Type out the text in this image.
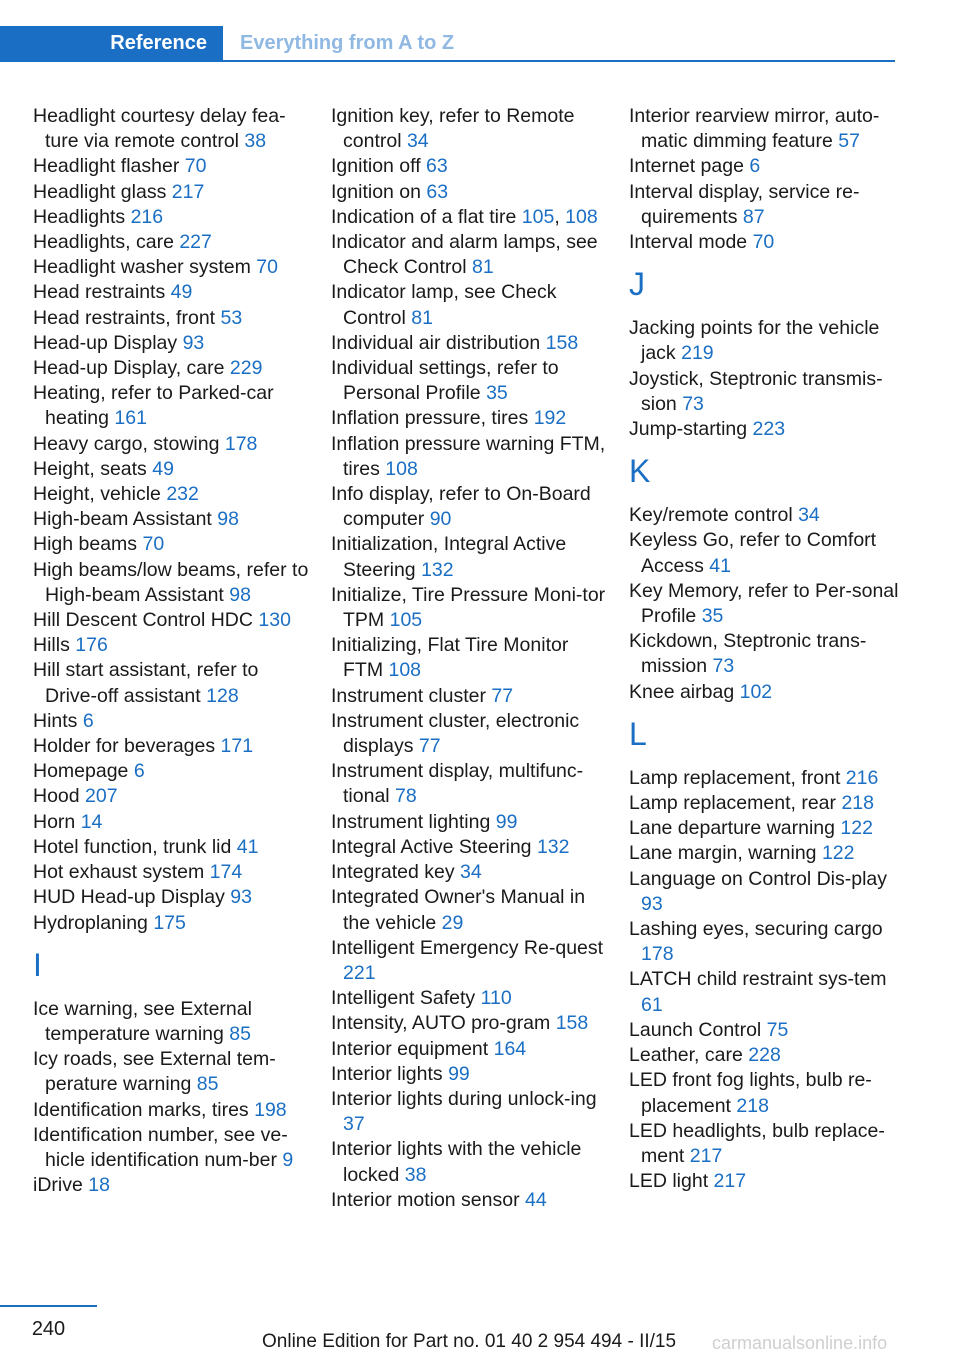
Reference	Everything from A to Z
Headlight courtesy delay fea-ture via remote control 38
Headlight flasher 70
Headlight glass 217
Headlights 216
Headlights, care 227
Headlight washer system 70
Head restraints 49
Head restraints, front 53
Head-up Display 93
Head-up Display, care 229
Heating, refer to Parked-car heating 161
Heavy cargo, stowing 178
Height, seats 49
Height, vehicle 232
High-beam Assistant 98
High beams 70
High beams/low beams, refer to High-beam Assistant 98
Hill Descent Control HDC 130
Hills 176
Hill start assistant, refer to Drive-off assistant 128
Hints 6
Holder for beverages 171
Homepage 6
Hood 207
Horn 14
Hotel function, trunk lid 41
Hot exhaust system 174
HUD Head-up Display 93
Hydroplaning 175
I
Ice warning, see External temperature warning 85
Icy roads, see External tem-perature warning 85
Identification marks, tires 198
Identification number, see ve-hicle identification num-ber 9
iDrive 18
Ignition key, refer to Remote control 34
Ignition off 63
Ignition on 63
Indication of a flat tire 105, 108
Indicator and alarm lamps, see Check Control 81
Indicator lamp, see Check Control 81
Individual air distribution 158
Individual settings, refer to Personal Profile 35
Inflation pressure, tires 192
Inflation pressure warning FTM, tires 108
Info display, refer to On-Board computer 90
Initialization, Integral Active Steering 132
Initialize, Tire Pressure Moni-tor TPM 105
Initializing, Flat Tire Monitor FTM 108
Instrument cluster 77
Instrument cluster, electronic displays 77
Instrument display, multifunc-tional 78
Instrument lighting 99
Integral Active Steering 132
Integrated key 34
Integrated Owner's Manual in the vehicle 29
Intelligent Emergency Re-quest 221
Intelligent Safety 110
Intensity, AUTO pro-gram 158
Interior equipment 164
Interior lights 99
Interior lights during unlock-ing 37
Interior lights with the vehicle locked 38
Interior motion sensor 44
Interior rearview mirror, auto-matic dimming feature 57
Internet page 6
Interval display, service re-quirements 87
Interval mode 70
J
Jacking points for the vehicle jack 219
Joystick, Steptronic transmis-sion 73
Jump-starting 223
K
Key/remote control 34
Keyless Go, refer to Comfort Access 41
Key Memory, refer to Per-sonal Profile 35
Kickdown, Steptronic trans-mission 73
Knee airbag 102
L
Lamp replacement, front 216
Lamp replacement, rear 218
Lane departure warning 122
Lane margin, warning 122
Language on Control Dis-play 93
Lashing eyes, securing cargo 178
LATCH child restraint sys-tem 61
Launch Control 75
Leather, care 228
LED front fog lights, bulb re-placement 218
LED headlights, bulb replace-ment 217
LED light 217
240
Online Edition for Part no. 01 40 2 954 494 - II/15 carmanualsonline.info
